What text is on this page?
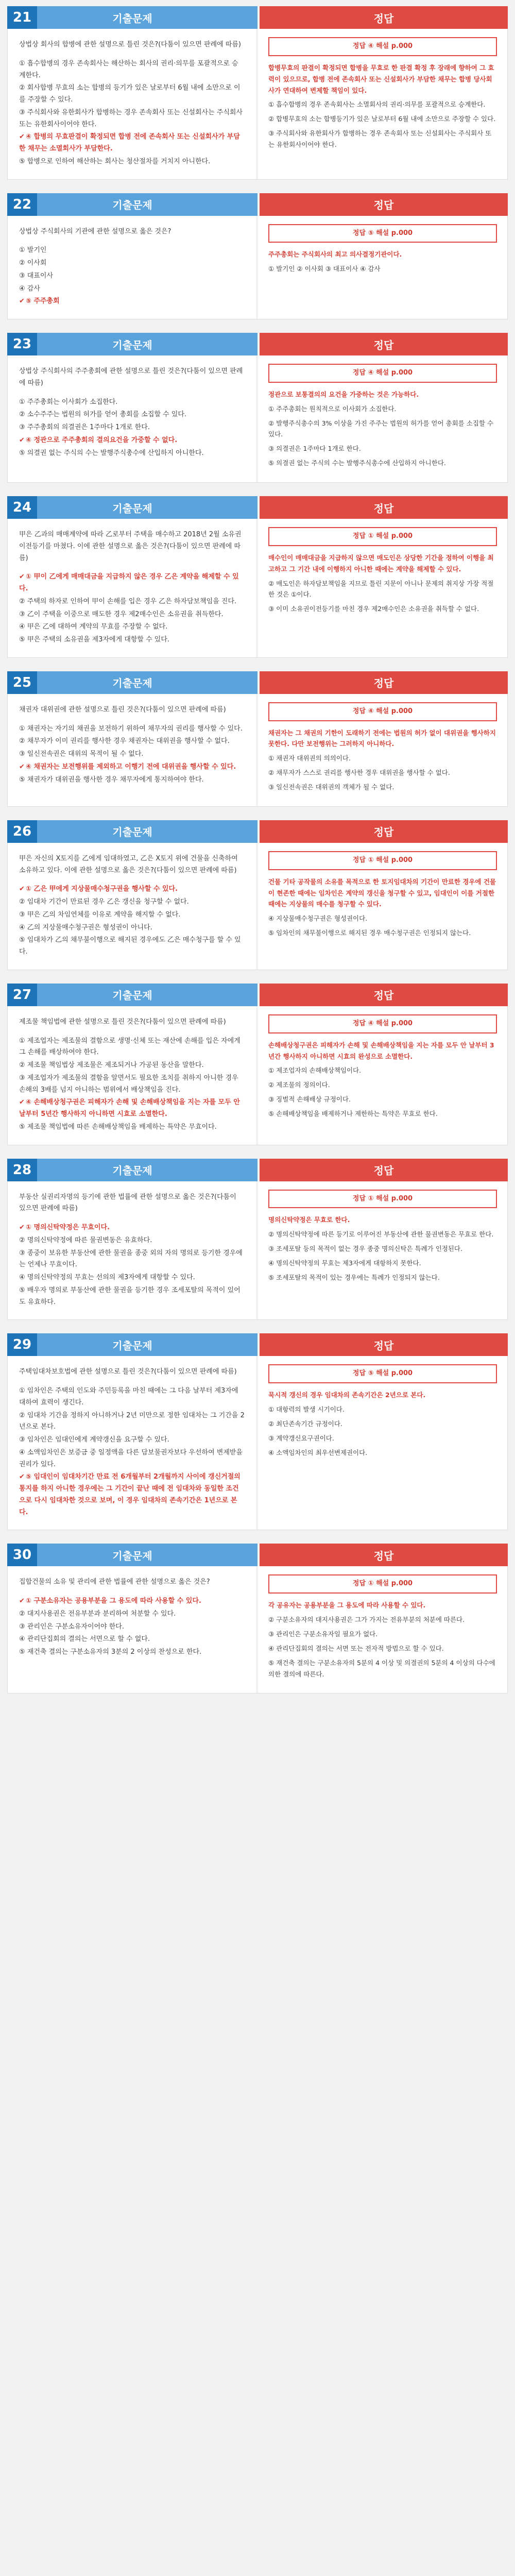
21	기출문제	정답
상법상 회사의 합병에 관한 설명으로 틀린 것은?(다툼이 있으면 판례에 따름)
① 흡수합병의 경우 존속회사는 해산하는 회사의 권리·의무를 포괄적으로 승계한다.
② 회사합병 무효의 소는 합병의 등기가 있은 날로부터 6월 내에 소만으로 이를 주장할 수 있다.
③ 주식회사와 유한회사가 합병하는 경우 존속회사 또는 신설회사는 주식회사 또는 유한회사이어야 한다.
✔ ④ 합병의 무효판결이 확정되면 합병 전에 존속회사 또는 신설회사가 부담한 채무는 소멸회사가 부담한다.
⑤ 합병으로 인하여 해산하는 회사는 청산절차를 거치지 아니한다.
정답 ④ 해설 p.000

합병무효의 판결이 확정되면 합병을 무효로 한 판결 확정 후 장래에 향하여 그 효력이 있으므로, 합병 전에 존속회사 또는 신설회사가 부담한 채무는 합병 당사회사가 연대하여 변제할 책임이 있다.

① 흡수합병의 경우 존속회사는 소멸회사의 권리·의무를 포괄적으로 승계한다.

② 합병무효의 소는 합병등기가 있은 날로부터 6월 내에 소만으로 주장할 수 있다.

③ 주식회사와 유한회사가 합병하는 경우 존속회사 또는 신설회사는 주식회사 또는 유한회사이어야 한다.

22	기출문제	정답
상법상 주식회사의 기관에 관한 설명으로 옳은 것은?
① 발기인
② 이사회
③ 대표이사
④ 감사
✔ ⑤ 주주총회
정답 ⑤ 해설 p.000

주주총회는 주식회사의 최고 의사결정기관이다.

① 발기인 ② 이사회 ③ 대표이사 ④ 감사

23	기출문제	정답
상법상 주식회사의 주주총회에 관한 설명으로 틀린 것은?(다툼이 있으면 판례에 따름)
① 주주총회는 이사회가 소집한다.
② 소수주주는 법원의 허가를 얻어 총회를 소집할 수 있다.
③ 주주총회의 의결권은 1주마다 1개로 한다.
✔ ④ 정관으로 주주총회의 결의요건을 가중할 수 없다.
⑤ 의결권 없는 주식의 수는 발행주식총수에 산입하지 아니한다.
정답 ④ 해설 p.000

정관으로 보통결의의 요건을 가중하는 것은 가능하다.

① 주주총회는 원칙적으로 이사회가 소집한다.

② 발행주식총수의 3% 이상을 가진 주주는 법원의 허가를 얻어 총회를 소집할 수 있다.

③ 의결권은 1주마다 1개로 한다.

⑤ 의결권 없는 주식의 수는 발행주식총수에 산입하지 아니한다.

24	기출문제	정답
甲은 乙과의 매매계약에 따라 乙로부터 주택을 매수하고 2018년 2월 소유권이전등기를 마쳤다. 이에 관한 설명으로 옳은 것은?(다툼이 있으면 판례에 따름)
✔ ① 甲이 乙에게 매매대금을 지급하지 않은 경우 乙은 계약을 해제할 수 있다.
② 주택의 하자로 인하여 甲이 손해를 입은 경우 乙은 하자담보책임을 진다.
③ 乙이 주택을 이중으로 매도한 경우 제2매수인은 소유권을 취득한다.
④ 甲은 乙에 대하여 계약의 무효를 주장할 수 없다.
⑤ 甲은 주택의 소유권을 제3자에게 대항할 수 있다.
정답 ① 해설 p.000

매수인이 매매대금을 지급하지 않으면 매도인은 상당한 기간을 정하여 이행을 최고하고 그 기간 내에 이행하지 아니한 때에는 계약을 해제할 수 있다.

② 매도인은 하자담보책임을 지므로 틀린 지문이 아니나 문제의 취지상 가장 적절한 것은 ①이다.

③ 이미 소유권이전등기를 마친 경우 제2매수인은 소유권을 취득할 수 없다.

25	기출문제	정답
채권자 대위권에 관한 설명으로 틀린 것은?(다툼이 있으면 판례에 따름)
① 채권자는 자기의 채권을 보전하기 위하여 채무자의 권리를 행사할 수 있다.
② 채무자가 이미 권리를 행사한 경우 채권자는 대위권을 행사할 수 없다.
③ 일신전속권은 대위의 목적이 될 수 없다.
✔ ④ 채권자는 보전행위를 제외하고 이행기 전에 대위권을 행사할 수 있다.
⑤ 채권자가 대위권을 행사한 경우 채무자에게 통지하여야 한다.
정답 ④ 해설 p.000

채권자는 그 채권의 기한이 도래하기 전에는 법원의 허가 없이 대위권을 행사하지 못한다. 다만 보전행위는 그러하지 아니하다.

① 채권자 대위권의 의의이다.

② 채무자가 스스로 권리를 행사한 경우 대위권을 행사할 수 없다.

③ 일신전속권은 대위권의 객체가 될 수 없다.

26	기출문제	정답
甲은 자신의 X토지를 乙에게 임대하였고, 乙은 X토지 위에 건물을 신축하여 소유하고 있다. 이에 관한 설명으로 옳은 것은?(다툼이 있으면 판례에 따름)
✔ ① 乙은 甲에게 지상물매수청구권을 행사할 수 있다.
② 임대차 기간이 만료된 경우 乙은 갱신을 청구할 수 없다.
③ 甲은 乙의 차임연체를 이유로 계약을 해지할 수 없다.
④ 乙의 지상물매수청구권은 형성권이 아니다.
⑤ 임대차가 乙의 채무불이행으로 해지된 경우에도 乙은 매수청구를 할 수 있다.
정답 ① 해설 p.000

건물 기타 공작물의 소유를 목적으로 한 토지임대차의 기간이 만료한 경우에 건물이 현존한 때에는 임차인은 계약의 갱신을 청구할 수 있고, 임대인이 이를 거절한 때에는 지상물의 매수를 청구할 수 있다.

④ 지상물매수청구권은 형성권이다.

⑤ 임차인의 채무불이행으로 해지된 경우 매수청구권은 인정되지 않는다.

27	기출문제	정답
제조물 책임법에 관한 설명으로 틀린 것은?(다툼이 있으면 판례에 따름)
① 제조업자는 제조물의 결함으로 생명·신체 또는 재산에 손해를 입은 자에게 그 손해를 배상하여야 한다.
② 제조물 책임법상 제조물은 제조되거나 가공된 동산을 말한다.
③ 제조업자가 제조물의 결함을 알면서도 필요한 조치를 취하지 아니한 경우 손해의 3배를 넘지 아니하는 범위에서 배상책임을 진다.
✔ ④ 손해배상청구권은 피해자가 손해 및 손해배상책임을 지는 자를 모두 안 날부터 5년간 행사하지 아니하면 시효로 소멸한다.
⑤ 제조물 책임법에 따른 손해배상책임을 배제하는 특약은 무효이다.
정답 ④ 해설 p.000

손해배상청구권은 피해자가 손해 및 손해배상책임을 지는 자를 모두 안 날부터 3년간 행사하지 아니하면 시효의 완성으로 소멸한다.

① 제조업자의 손해배상책임이다.

② 제조물의 정의이다.

③ 징벌적 손해배상 규정이다.

⑤ 손해배상책임을 배제하거나 제한하는 특약은 무효로 한다.

28	기출문제	정답
부동산 실권리자명의 등기에 관한 법률에 관한 설명으로 옳은 것은?(다툼이 있으면 판례에 따름)
✔ ① 명의신탁약정은 무효이다.
② 명의신탁약정에 따른 물권변동은 유효하다.
③ 종중이 보유한 부동산에 관한 물권을 종중 외의 자의 명의로 등기한 경우에는 언제나 무효이다.
④ 명의신탁약정의 무효는 선의의 제3자에게 대항할 수 있다.
⑤ 배우자 명의로 부동산에 관한 물권을 등기한 경우 조세포탈의 목적이 있어도 유효하다.
정답 ① 해설 p.000

명의신탁약정은 무효로 한다.

② 명의신탁약정에 따른 등기로 이루어진 부동산에 관한 물권변동은 무효로 한다.

③ 조세포탈 등의 목적이 없는 경우 종중 명의신탁은 특례가 인정된다.

④ 명의신탁약정의 무효는 제3자에게 대항하지 못한다.

⑤ 조세포탈의 목적이 있는 경우에는 특례가 인정되지 않는다.

29	기출문제	정답
주택임대차보호법에 관한 설명으로 틀린 것은?(다툼이 있으면 판례에 따름)
① 임차인은 주택의 인도와 주민등록을 마친 때에는 그 다음 날부터 제3자에 대하여 효력이 생긴다.
② 임대차 기간을 정하지 아니하거나 2년 미만으로 정한 임대차는 그 기간을 2년으로 본다.
③ 임차인은 임대인에게 계약갱신을 요구할 수 있다.
④ 소액임차인은 보증금 중 일정액을 다른 담보물권자보다 우선하여 변제받을 권리가 있다.
✔ ⑤ 임대인이 임대차기간 만료 전 6개월부터 2개월까지 사이에 갱신거절의 통지를 하지 아니한 경우에는 그 기간이 끝난 때에 전 임대차와 동일한 조건으로 다시 임대차한 것으로 보며, 이 경우 임대차의 존속기간은 1년으로 본다.
정답 ⑤ 해설 p.000

묵시적 갱신의 경우 임대차의 존속기간은 2년으로 본다.

① 대항력의 발생 시기이다.

② 최단존속기간 규정이다.

③ 계약갱신요구권이다.

④ 소액임차인의 최우선변제권이다.

30	기출문제	정답
집합건물의 소유 및 관리에 관한 법률에 관한 설명으로 옳은 것은?
✔ ① 구분소유자는 공용부분을 그 용도에 따라 사용할 수 있다.
② 대지사용권은 전유부분과 분리하여 처분할 수 있다.
③ 관리인은 구분소유자이어야 한다.
④ 관리단집회의 결의는 서면으로 할 수 없다.
⑤ 재건축 결의는 구분소유자의 3분의 2 이상의 찬성으로 한다.
정답 ① 해설 p.000

각 공유자는 공용부분을 그 용도에 따라 사용할 수 있다.

② 구분소유자의 대지사용권은 그가 가지는 전유부분의 처분에 따른다.

③ 관리인은 구분소유자일 필요가 없다.

④ 관리단집회의 결의는 서면 또는 전자적 방법으로 할 수 있다.

⑤ 재건축 결의는 구분소유자의 5분의 4 이상 및 의결권의 5분의 4 이상의 다수에 의한 결의에 따른다.
